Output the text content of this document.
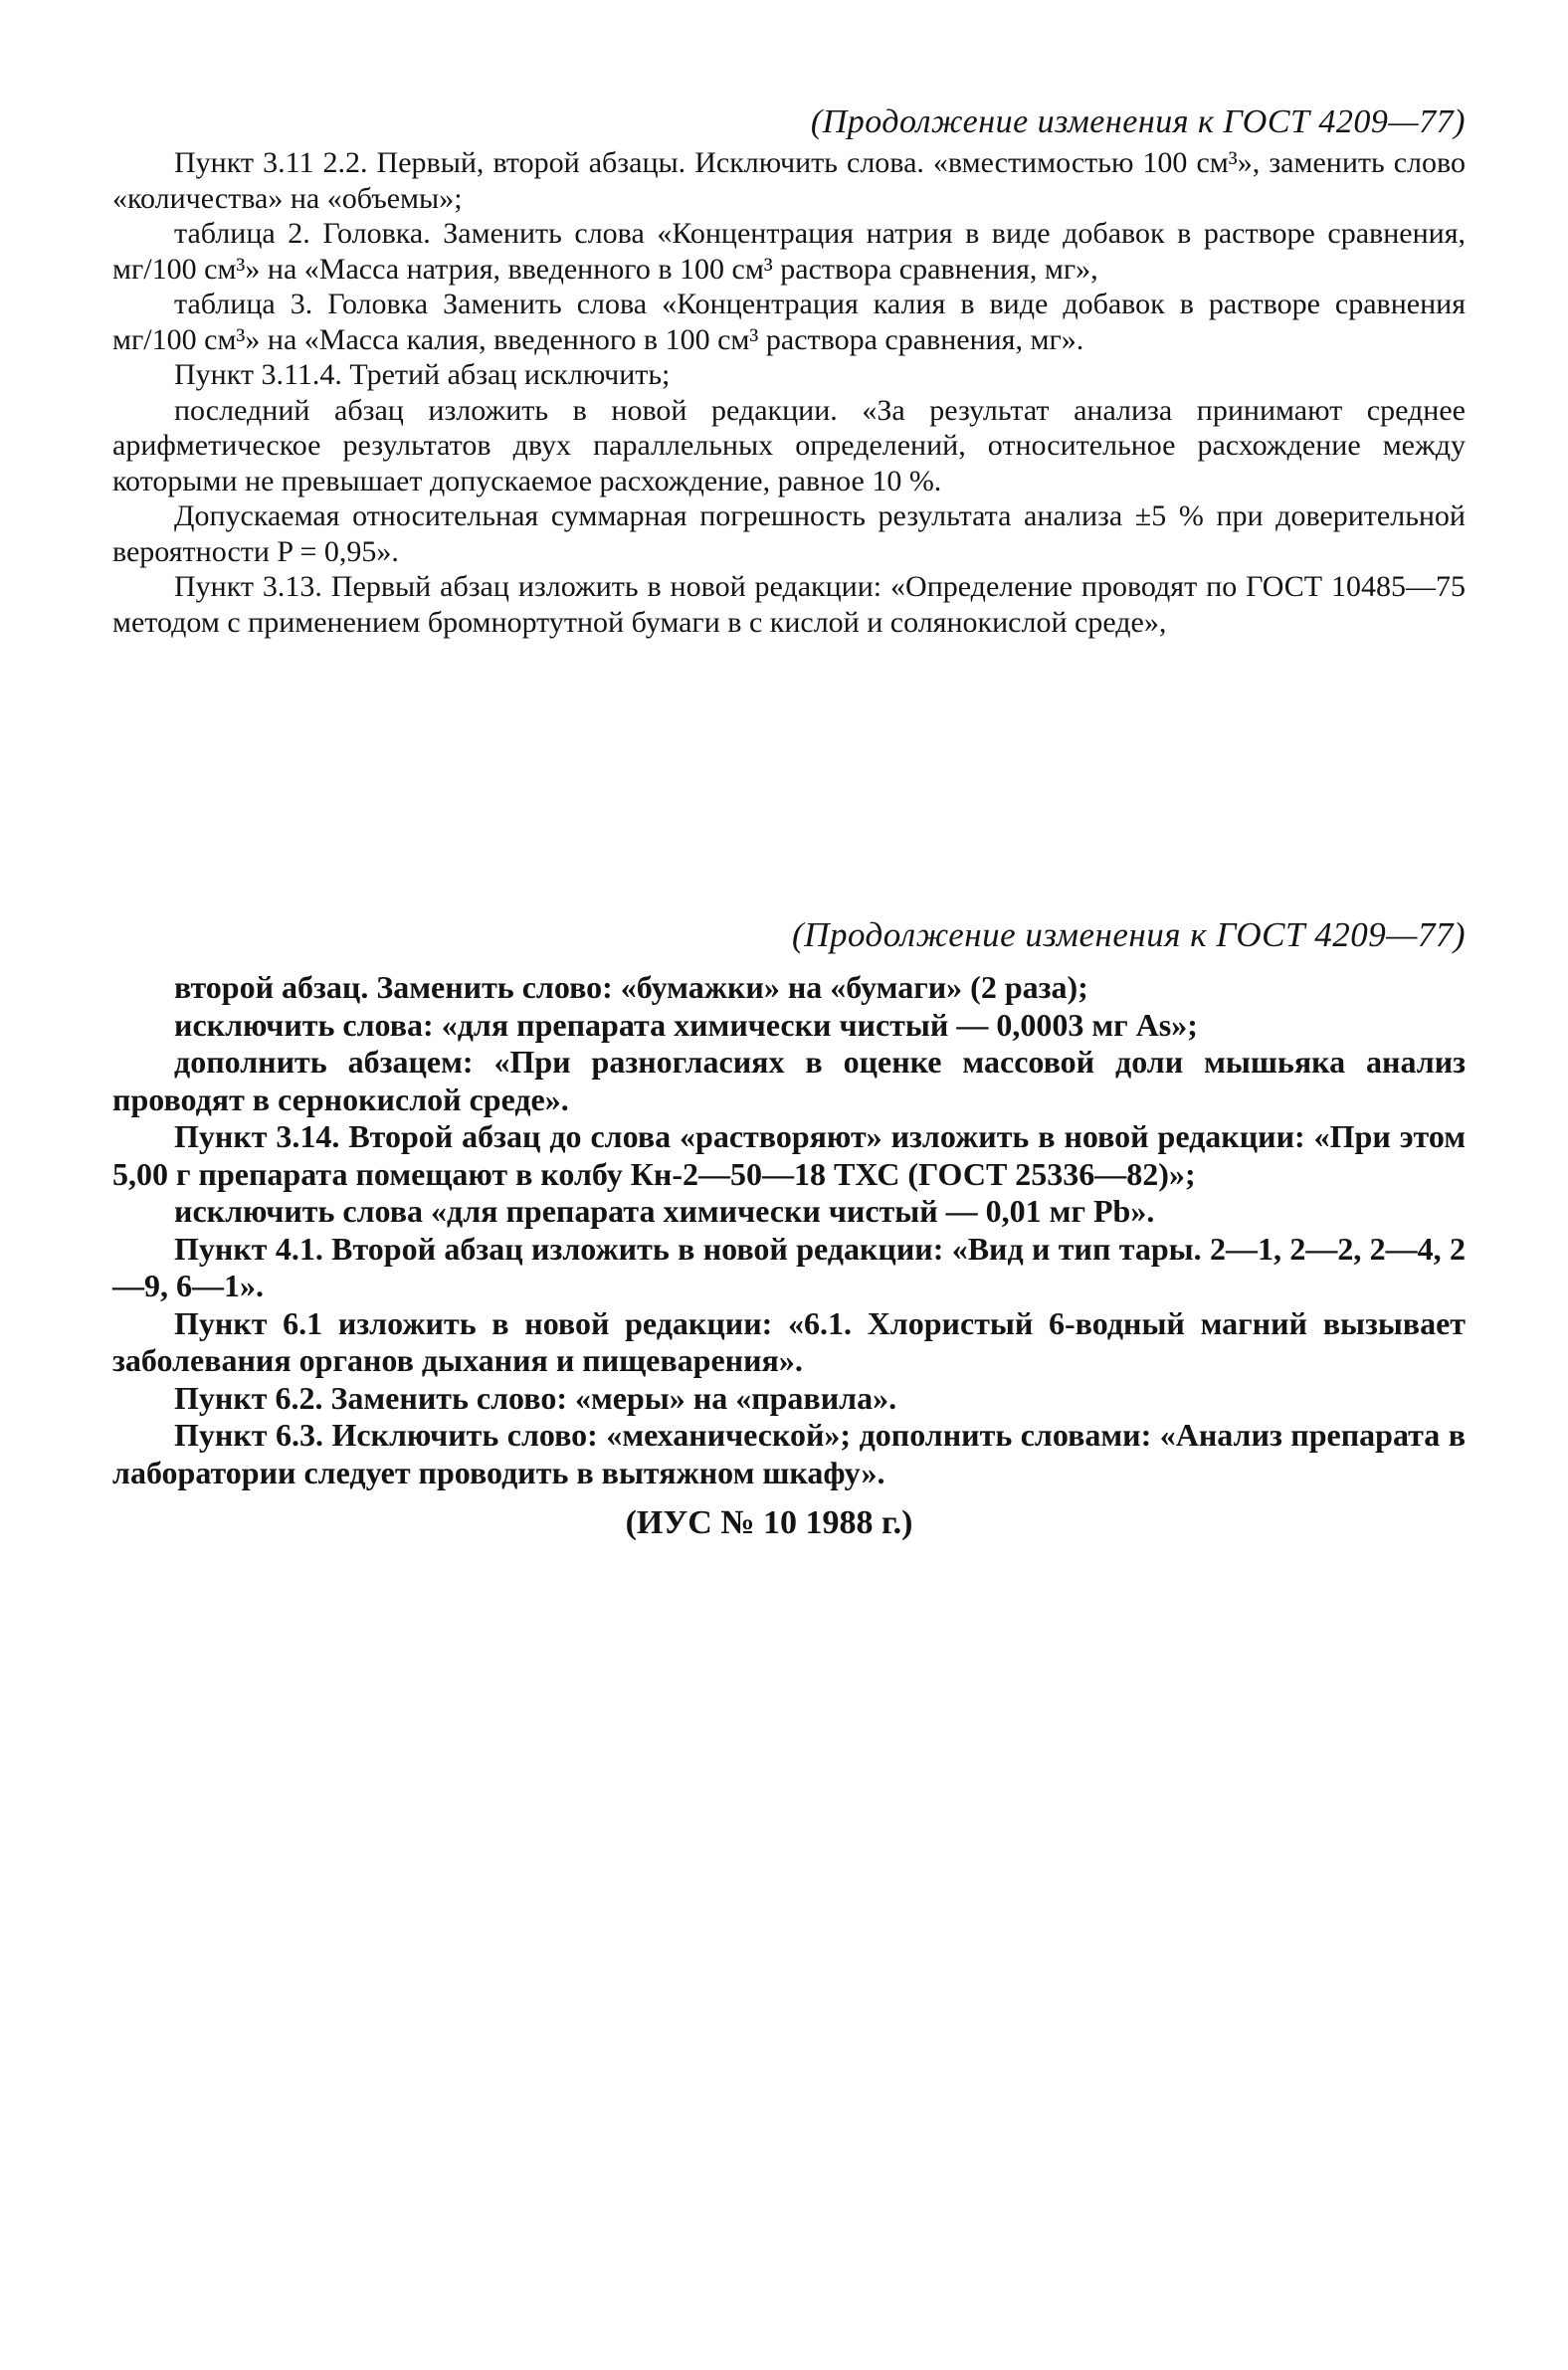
(Продолжение изменения к ГОСТ 4209—77)

Пункт 3.11 2.2. Первый, второй абзацы. Исключить слова. «вместимостью 100 см³», заменить слово «количества» на «объемы»;

таблица 2. Головка. Заменить слова «Концентрация натрия в виде добавок в растворе сравнения, мг/100 см³» на «Масса натрия, введенного в 100 см³ раствора сравнения, мг»,

таблица 3. Головка Заменить слова «Концентрация калия в виде добавок в растворе сравнения мг/100 см³» на «Масса калия, введенного в 100 см³ раствора сравнения, мг».

Пункт 3.11.4. Третий абзац исключить;

последний абзац изложить в новой редакции. «За результат анализа принимают среднее арифметическое результатов двух параллельных определений, относительное расхождение между которыми не превышает допускаемое расхождение, равное 10 %.

Допускаемая относительная суммарная погрешность результата анализа ±5 % при доверительной вероятности P = 0,95».

Пункт 3.13. Первый абзац изложить в новой редакции: «Определение проводят по ГОСТ 10485—75 методом с применением бромнортутной бумаги в с кислой и солянокислой среде»,

(Продолжение изменения к ГОСТ 4209—77)

второй абзац. Заменить слово: «бумажки» на «бумаги» (2 раза);

исключить слова: «для препарата химически чистый — 0,0003 мг As»;

дополнить абзацем: «При разногласиях в оценке массовой доли мышьяка анализ проводят в сернокислой среде».

Пункт 3.14. Второй абзац до слова «растворяют» изложить в новой редакции: «При этом 5,00 г препарата помещают в колбу Кн-2—50—18 ТХС (ГОСТ 25336—82)»;

исключить слова «для препарата химически чистый — 0,01 мг Pb».

Пункт 4.1. Второй абзац изложить в новой редакции: «Вид и тип тары. 2—1, 2—2, 2—4, 2—9, 6—1».

Пункт 6.1 изложить в новой редакции: «6.1. Хлористый 6-водный магний вызывает заболевания органов дыхания и пищеварения».

Пункт 6.2. Заменить слово: «меры» на «правила».

Пункт 6.3. Исключить слово: «механической»; дополнить словами: «Анализ препарата в лаборатории следует проводить в вытяжном шкафу».

(ИУС № 10 1988 г.)
